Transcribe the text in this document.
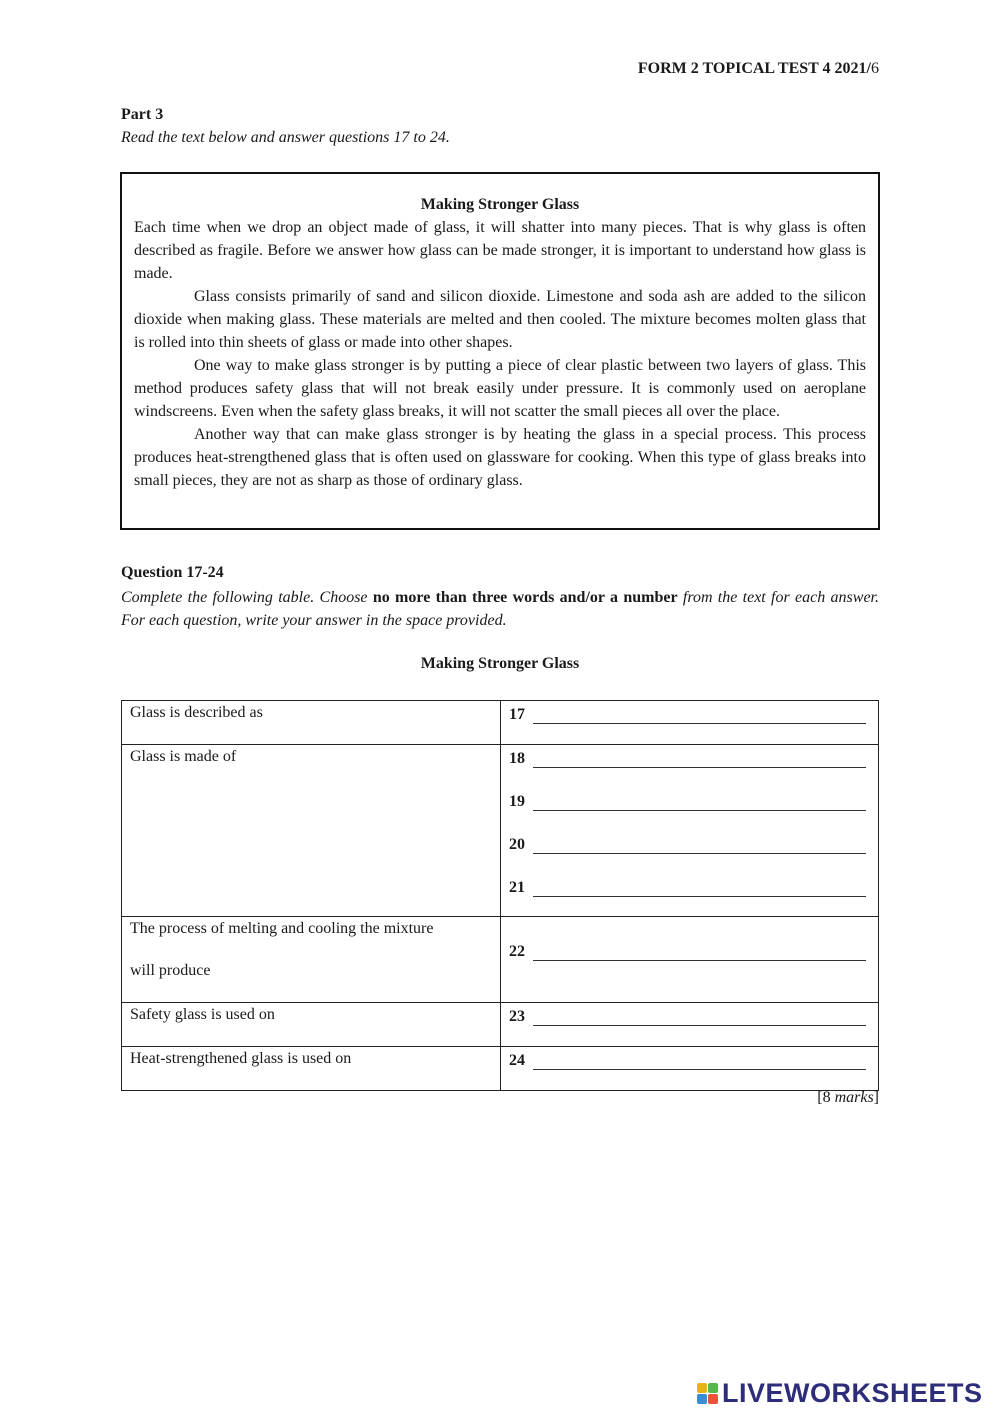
FORM 2 TOPICAL TEST 4 2021/6
Part 3
Read the text below and answer questions 17 to 24.
Making Stronger Glass

Each time when we drop an object made of glass, it will shatter into many pieces. That is why glass is often described as fragile. Before we answer how glass can be made stronger, it is important to understand how glass is made.

Glass consists primarily of sand and silicon dioxide. Limestone and soda ash are added to the silicon dioxide when making glass. These materials are melted and then cooled. The mixture becomes molten glass that is rolled into thin sheets of glass or made into other shapes.

One way to make glass stronger is by putting a piece of clear plastic between two layers of glass. This method produces safety glass that will not break easily under pressure. It is commonly used on aeroplane windscreens. Even when the safety glass breaks, it will not scatter the small pieces all over the place.

Another way that can make glass stronger is by heating the glass in a special process. This process produces heat-strengthened glass that is often used on glassware for cooking. When this type of glass breaks into small pieces, they are not as sharp as those of ordinary glass.

Question 17-24
Complete the following table. Choose no more than three words and/or a number from the text for each answer. For each question, write your answer in the space provided.
Making Stronger Glass
Glass is described as	17

Glass is made of	18
19
20
21

The process of melting and cooling the mixture
will produce	22

Safety glass is used on	23

Heat-strengthened glass is used on	24
[8 marks]
LIVEWORKSHEETS
